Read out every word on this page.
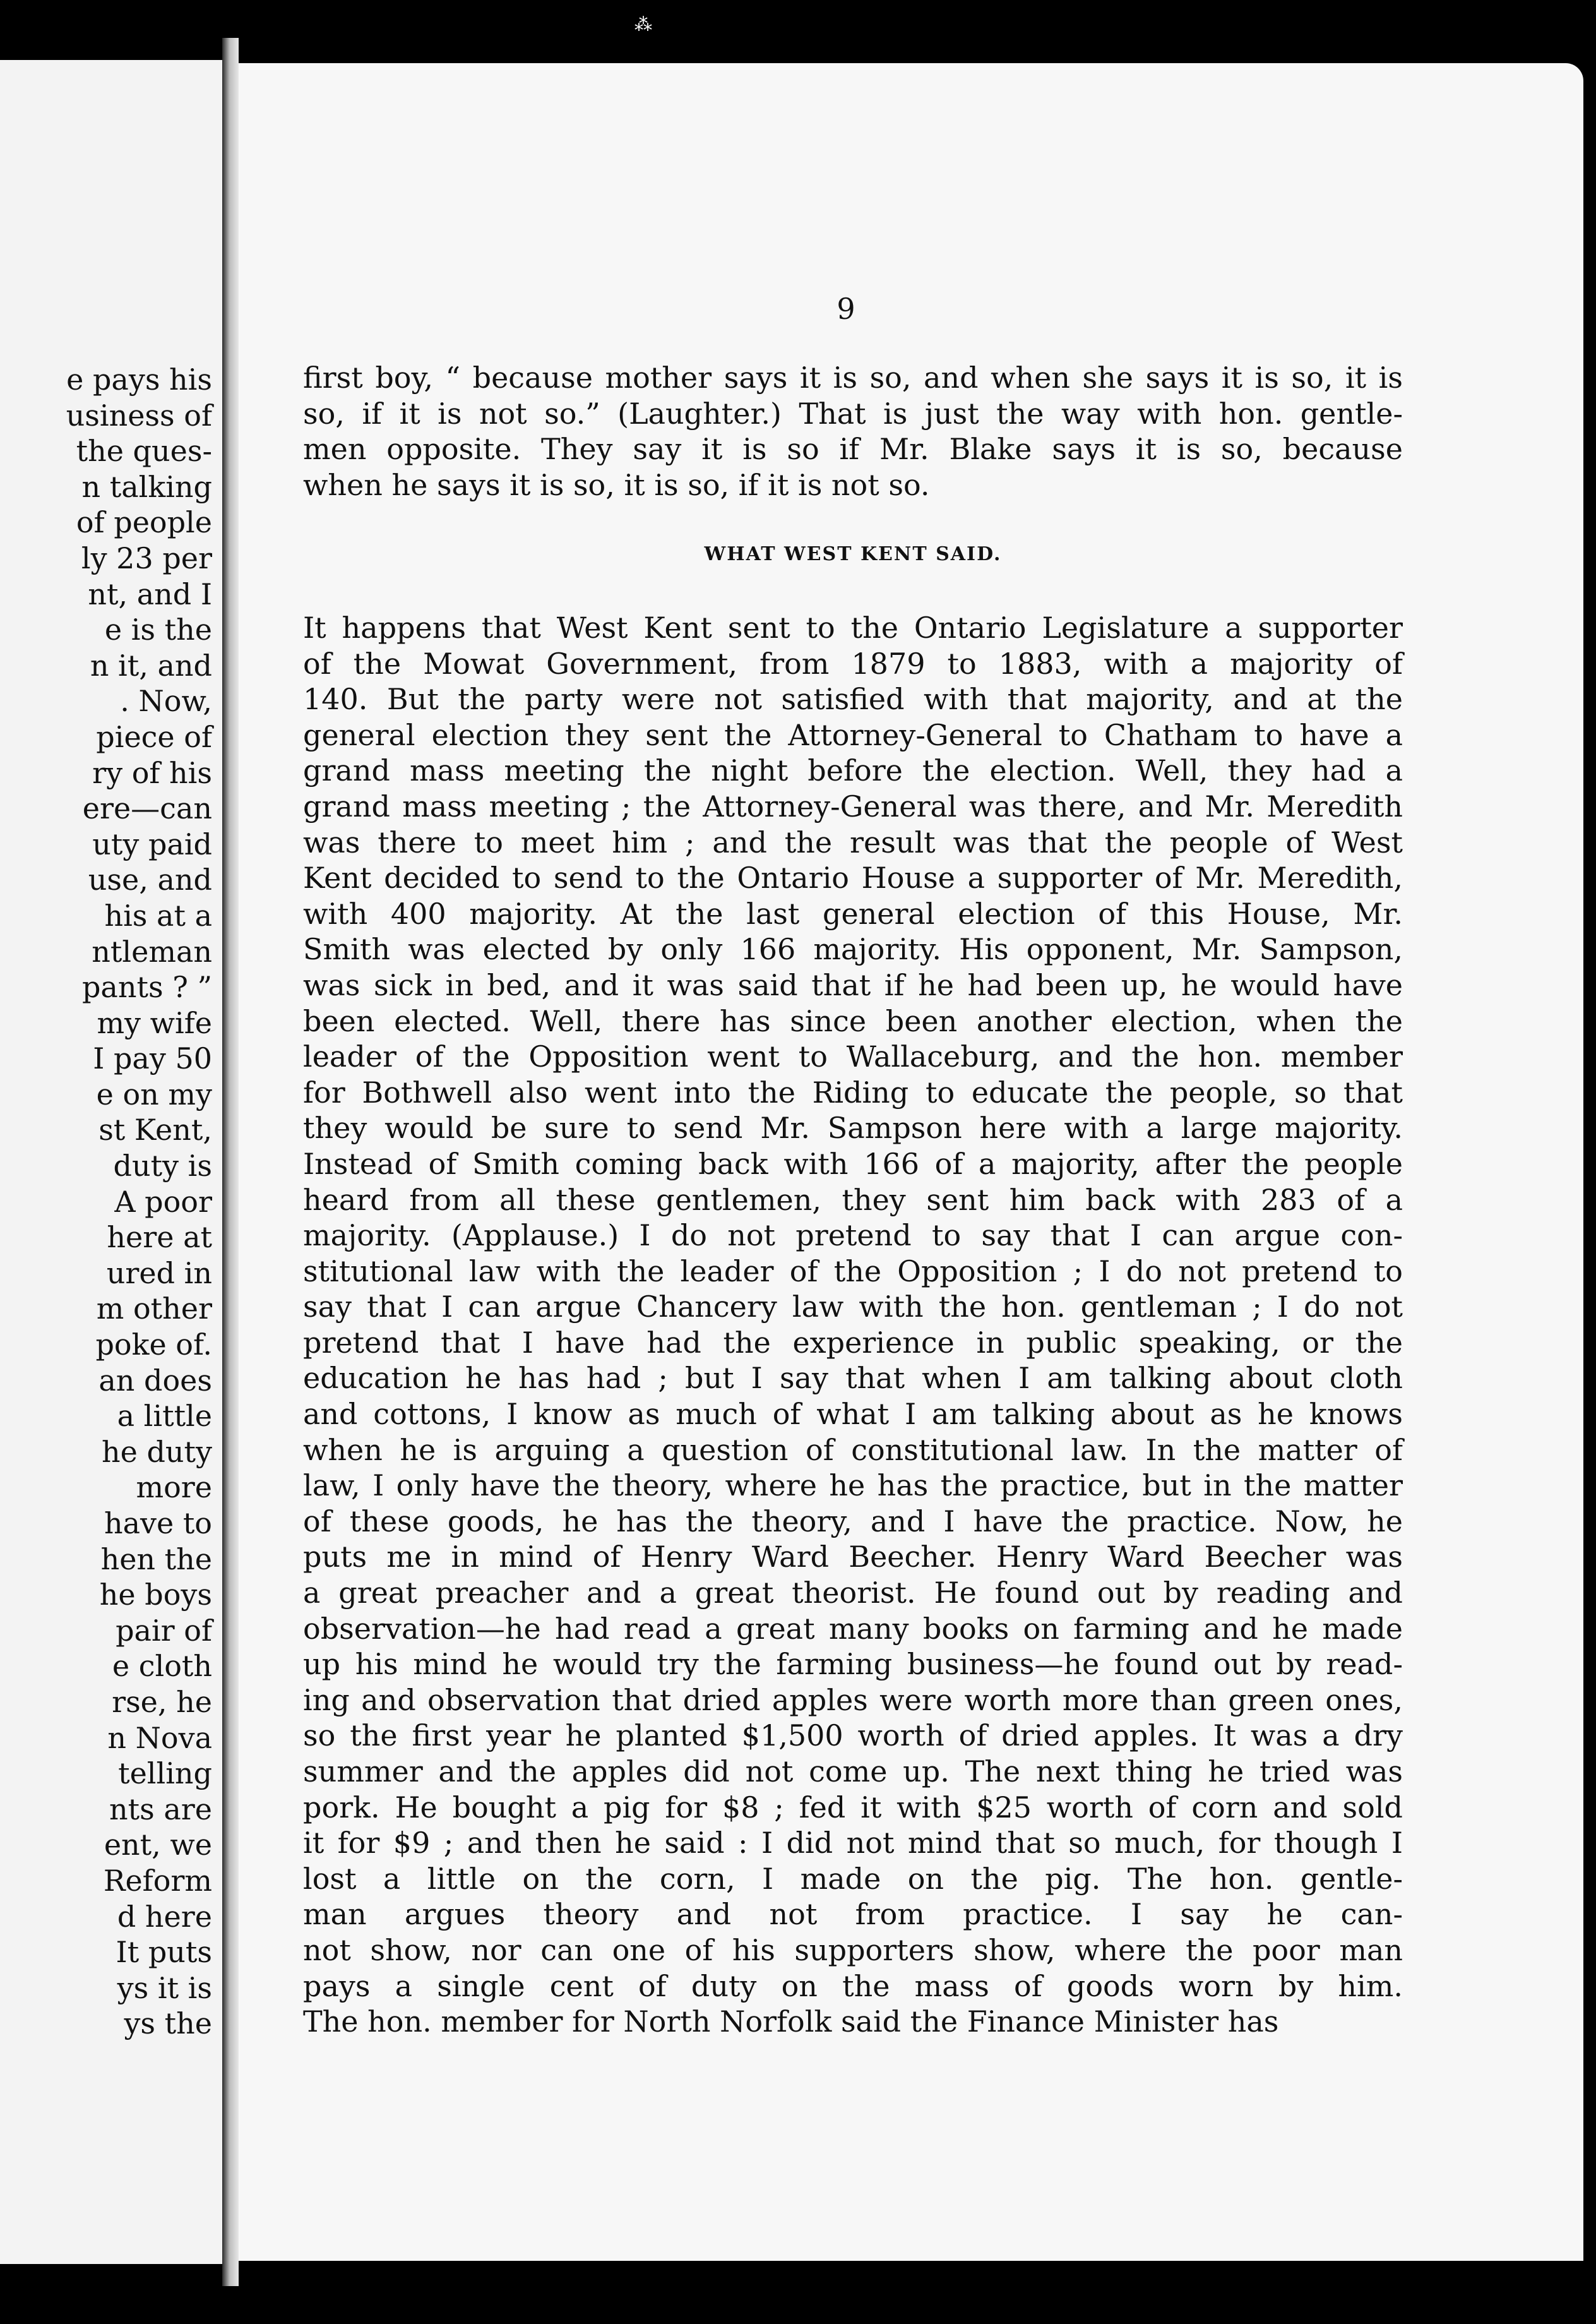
⁂
e pays his
usiness of
the ques-
n talking
of people
ly 23 per
nt, and I
e is the
n it, and
. Now,
piece of
ry of his
ere—can
uty paid
use, and
his at a
ntleman
pants ? ”
my wife
I pay 50
e on my
st Kent,
duty is
A poor
here at
ured in
m other
poke of.
an does
a little
he duty
more
have to
hen the
he boys
pair of
e cloth
rse, he
n Nova
telling
nts are
ent, we
Reform
d here
It puts
ys it is
ys the
9
first boy, “ because mother says it is so, and when she says it is so, it is
so, if it is not so.” (Laughter.) That is just the way with hon. gentle-
men opposite. They say it is so if Mr. Blake says it is so, because
when he says it is so, it is so, if it is not so.
WHAT WEST KENT SAID.
It happens that West Kent sent to the Ontario Legislature a supporter
of the Mowat Government, from 1879 to 1883, with a majority of
140. But the party were not satisfied with that majority, and at the
general election they sent the Attorney-General to Chatham to have a
grand mass meeting the night before the election. Well, they had a
grand mass meeting ; the Attorney-General was there, and Mr. Meredith
was there to meet him ; and the result was that the people of West
Kent decided to send to the Ontario House a supporter of Mr. Meredith,
with 400 majority. At the last general election of this House, Mr.
Smith was elected by only 166 majority. His opponent, Mr. Sampson,
was sick in bed, and it was said that if he had been up, he would have
been elected. Well, there has since been another election, when the
leader of the Opposition went to Wallaceburg, and the hon. member
for Bothwell also went into the Riding to educate the people, so that
they would be sure to send Mr. Sampson here with a large majority.
Instead of Smith coming back with 166 of a majority, after the people
heard from all these gentlemen, they sent him back with 283 of a
majority. (Applause.) I do not pretend to say that I can argue con-
stitutional law with the leader of the Opposition ; I do not pretend to
say that I can argue Chancery law with the hon. gentleman ; I do not
pretend that I have had the experience in public speaking, or the
education he has had ; but I say that when I am talking about cloth
and cottons, I know as much of what I am talking about as he knows
when he is arguing a question of constitutional law. In the matter of
law, I only have the theory, where he has the practice, but in the matter
of these goods, he has the theory, and I have the practice. Now, he
puts me in mind of Henry Ward Beecher. Henry Ward Beecher was
a great preacher and a great theorist. He found out by reading and
observation—he had read a great many books on farming and he made
up his mind he would try the farming business—he found out by read-
ing and observation that dried apples were worth more than green ones,
so the first year he planted $1,500 worth of dried apples. It was a dry
summer and the apples did not come up. The next thing he tried was
pork. He bought a pig for $8 ; fed it with $25 worth of corn and sold
it for $9 ; and then he said : I did not mind that so much, for though I
lost a little on the corn, I made on the pig. The hon. gentle-
man argues theory and not from practice. I say he can-
not show, nor can one of his supporters show, where the poor man
pays a single cent of duty on the mass of goods worn by him.
The hon. member for North Norfolk said the Finance Minister has
